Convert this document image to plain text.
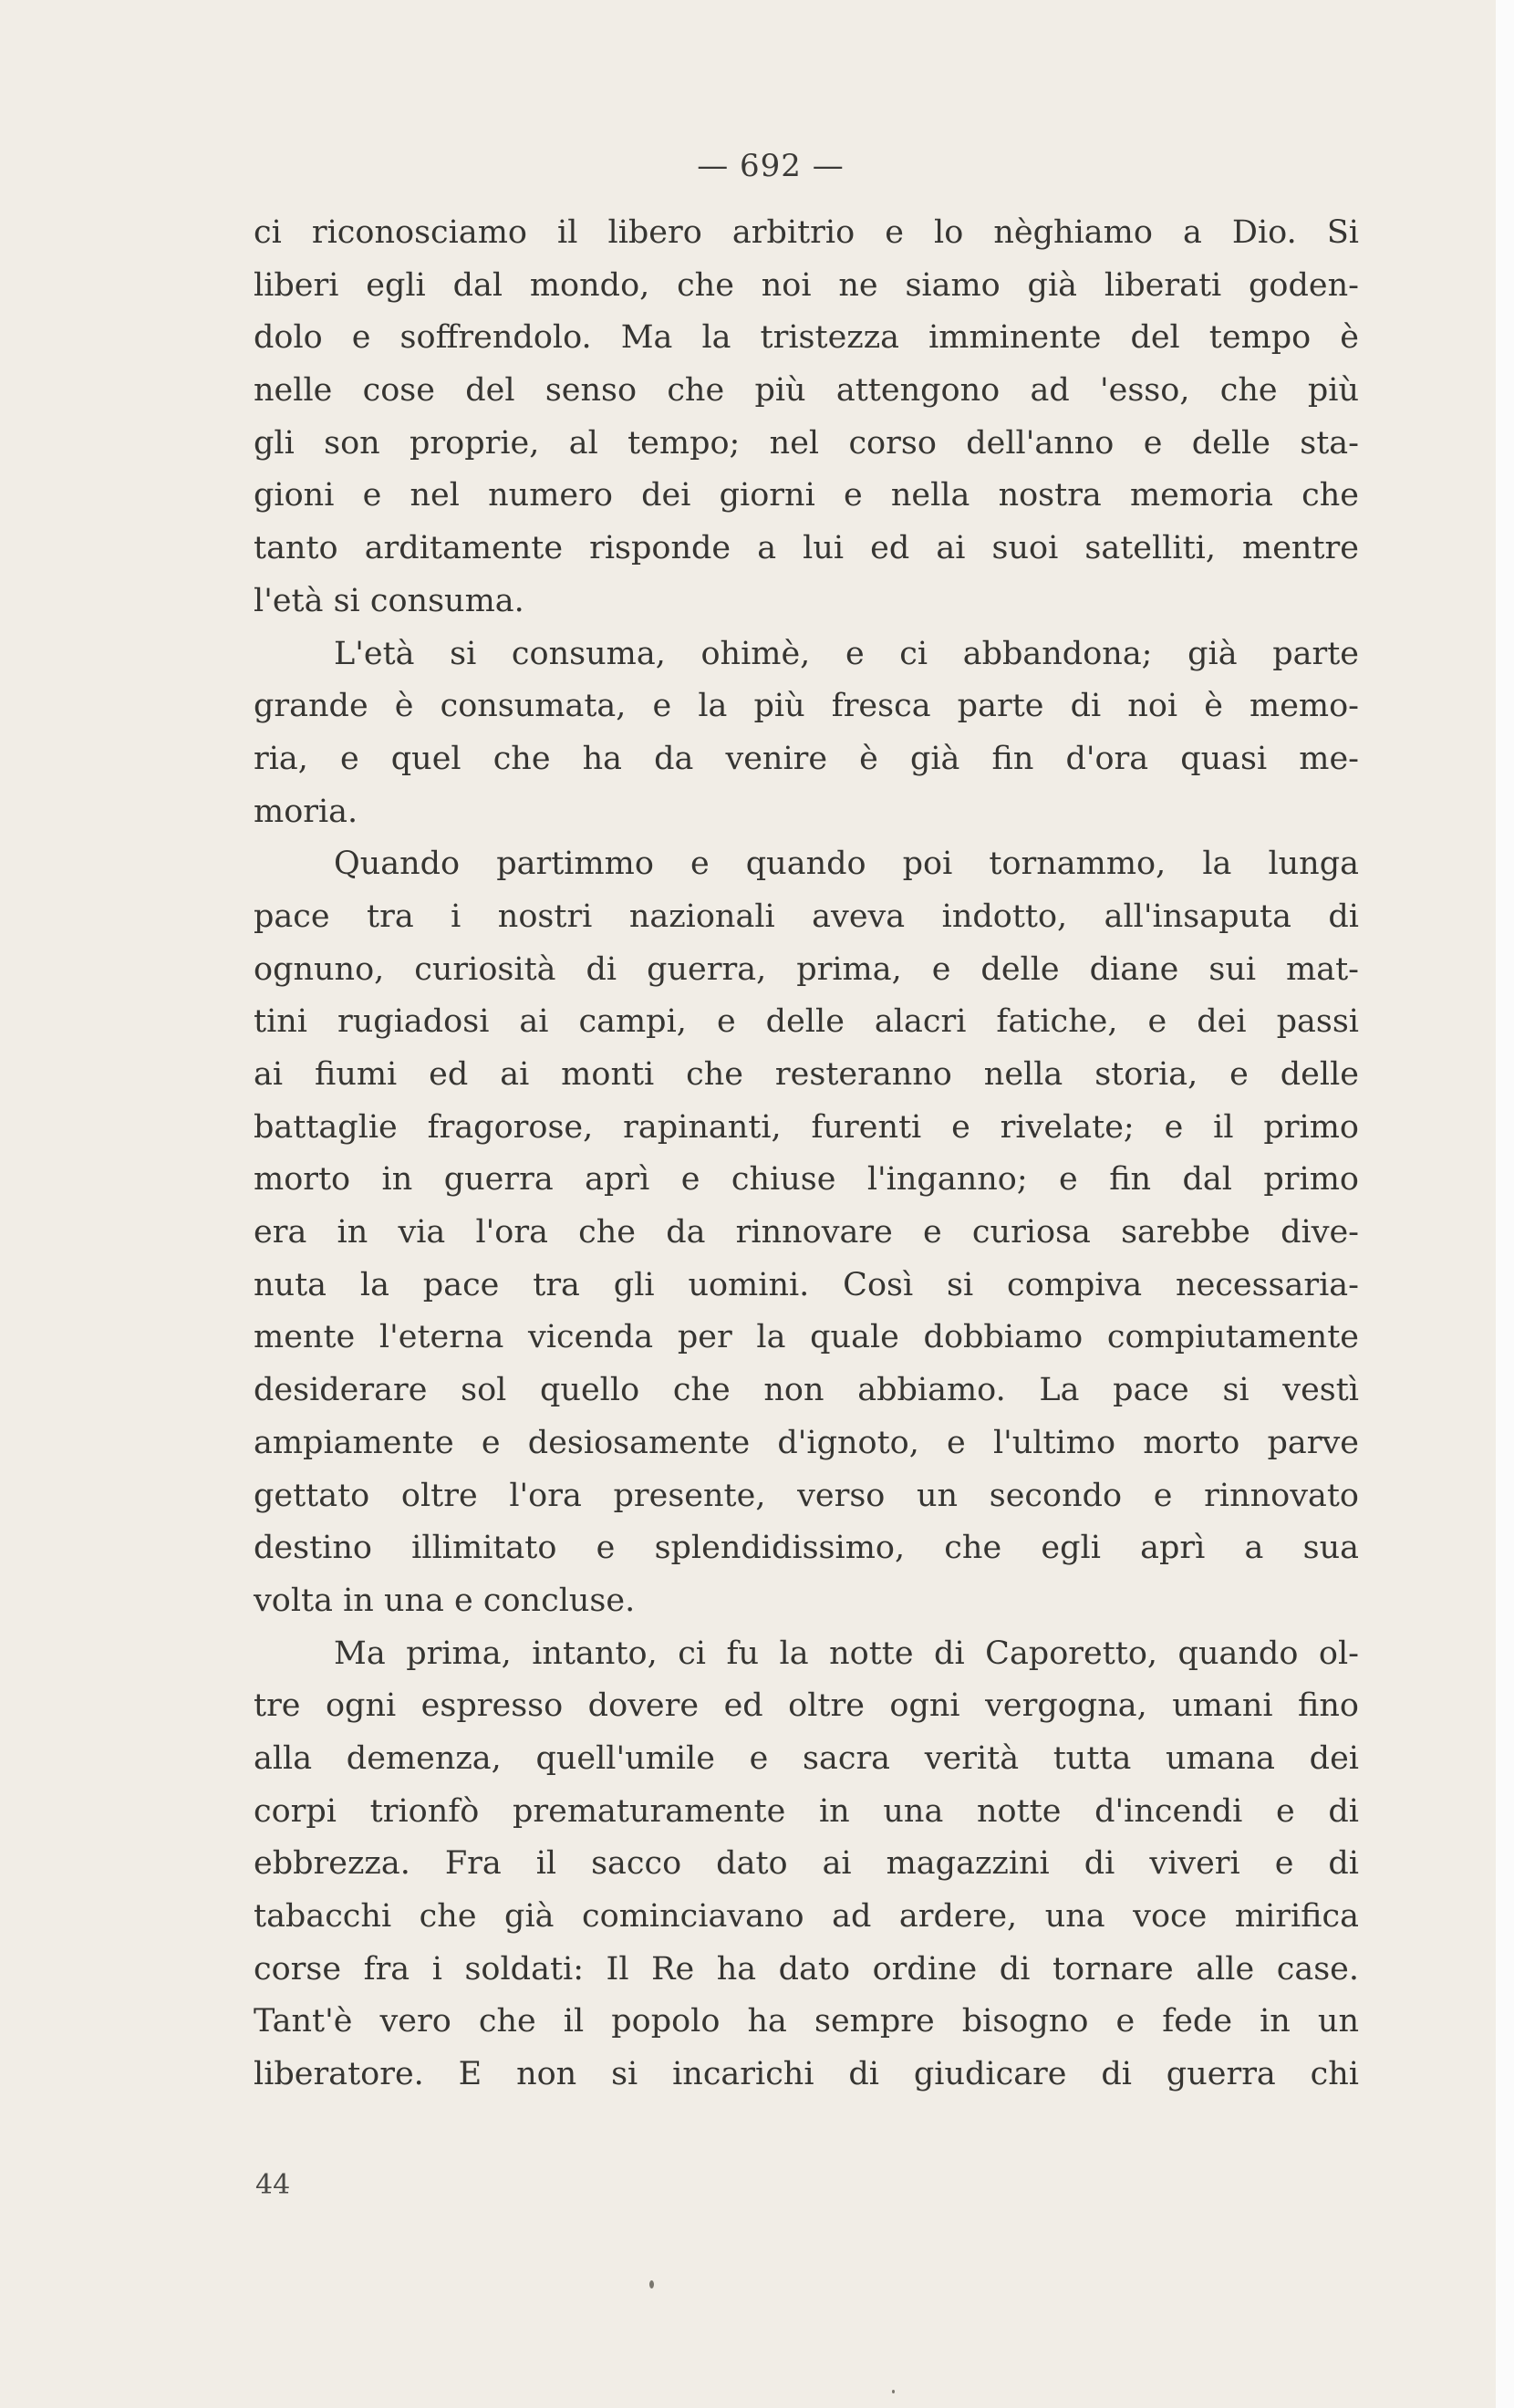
— 692 —
ci riconosciamo il libero arbitrio e lo nèghiamo a Dio. Si
liberi egli dal mondo, che noi ne siamo già liberati goden-
dolo e soffrendolo. Ma la tristezza imminente del tempo è
nelle cose del senso che più attengono ad 'esso, che più
gli son proprie, al tempo; nel corso dell'anno e delle sta-
gioni e nel numero dei giorni e nella nostra memoria che
tanto arditamente risponde a lui ed ai suoi satelliti, mentre
l'età si consuma.
L'età si consuma, ohimè, e ci abbandona; già parte
grande è consumata, e la più fresca parte di noi è memo-
ria, e quel che ha da venire è già fin d'ora quasi me-
moria.
Quando partimmo e quando poi tornammo, la lunga
pace tra i nostri nazionali aveva indotto, all'insaputa di
ognuno, curiosità di guerra, prima, e delle diane sui mat-
tini rugiadosi ai campi, e delle alacri fatiche, e dei passi
ai fiumi ed ai monti che resteranno nella storia, e delle
battaglie fragorose, rapinanti, furenti e rivelate; e il primo
morto in guerra aprì e chiuse l'inganno; e fin dal primo
era in via l'ora che da rinnovare e curiosa sarebbe dive-
nuta la pace tra gli uomini. Così si compiva necessaria-
mente l'eterna vicenda per la quale dobbiamo compiutamente
desiderare sol quello che non abbiamo. La pace si vestì
ampiamente e desiosamente d'ignoto, e l'ultimo morto parve
gettato oltre l'ora presente, verso un secondo e rinnovato
destino illimitato e splendidissimo, che egli aprì a sua
volta in una e concluse.
Ma prima, intanto, ci fu la notte di Caporetto, quando ol-
tre ogni espresso dovere ed oltre ogni vergogna, umani fino
alla demenza, quell'umile e sacra verità tutta umana dei
corpi trionfò prematuramente in una notte d'incendi e di
ebbrezza. Fra il sacco dato ai magazzini di viveri e di
tabacchi che già cominciavano ad ardere, una voce mirifica
corse fra i soldati: Il Re ha dato ordine di tornare alle case.
Tant'è vero che il popolo ha sempre bisogno e fede in un
liberatore. E non si incarichi di giudicare di guerra chi
44
